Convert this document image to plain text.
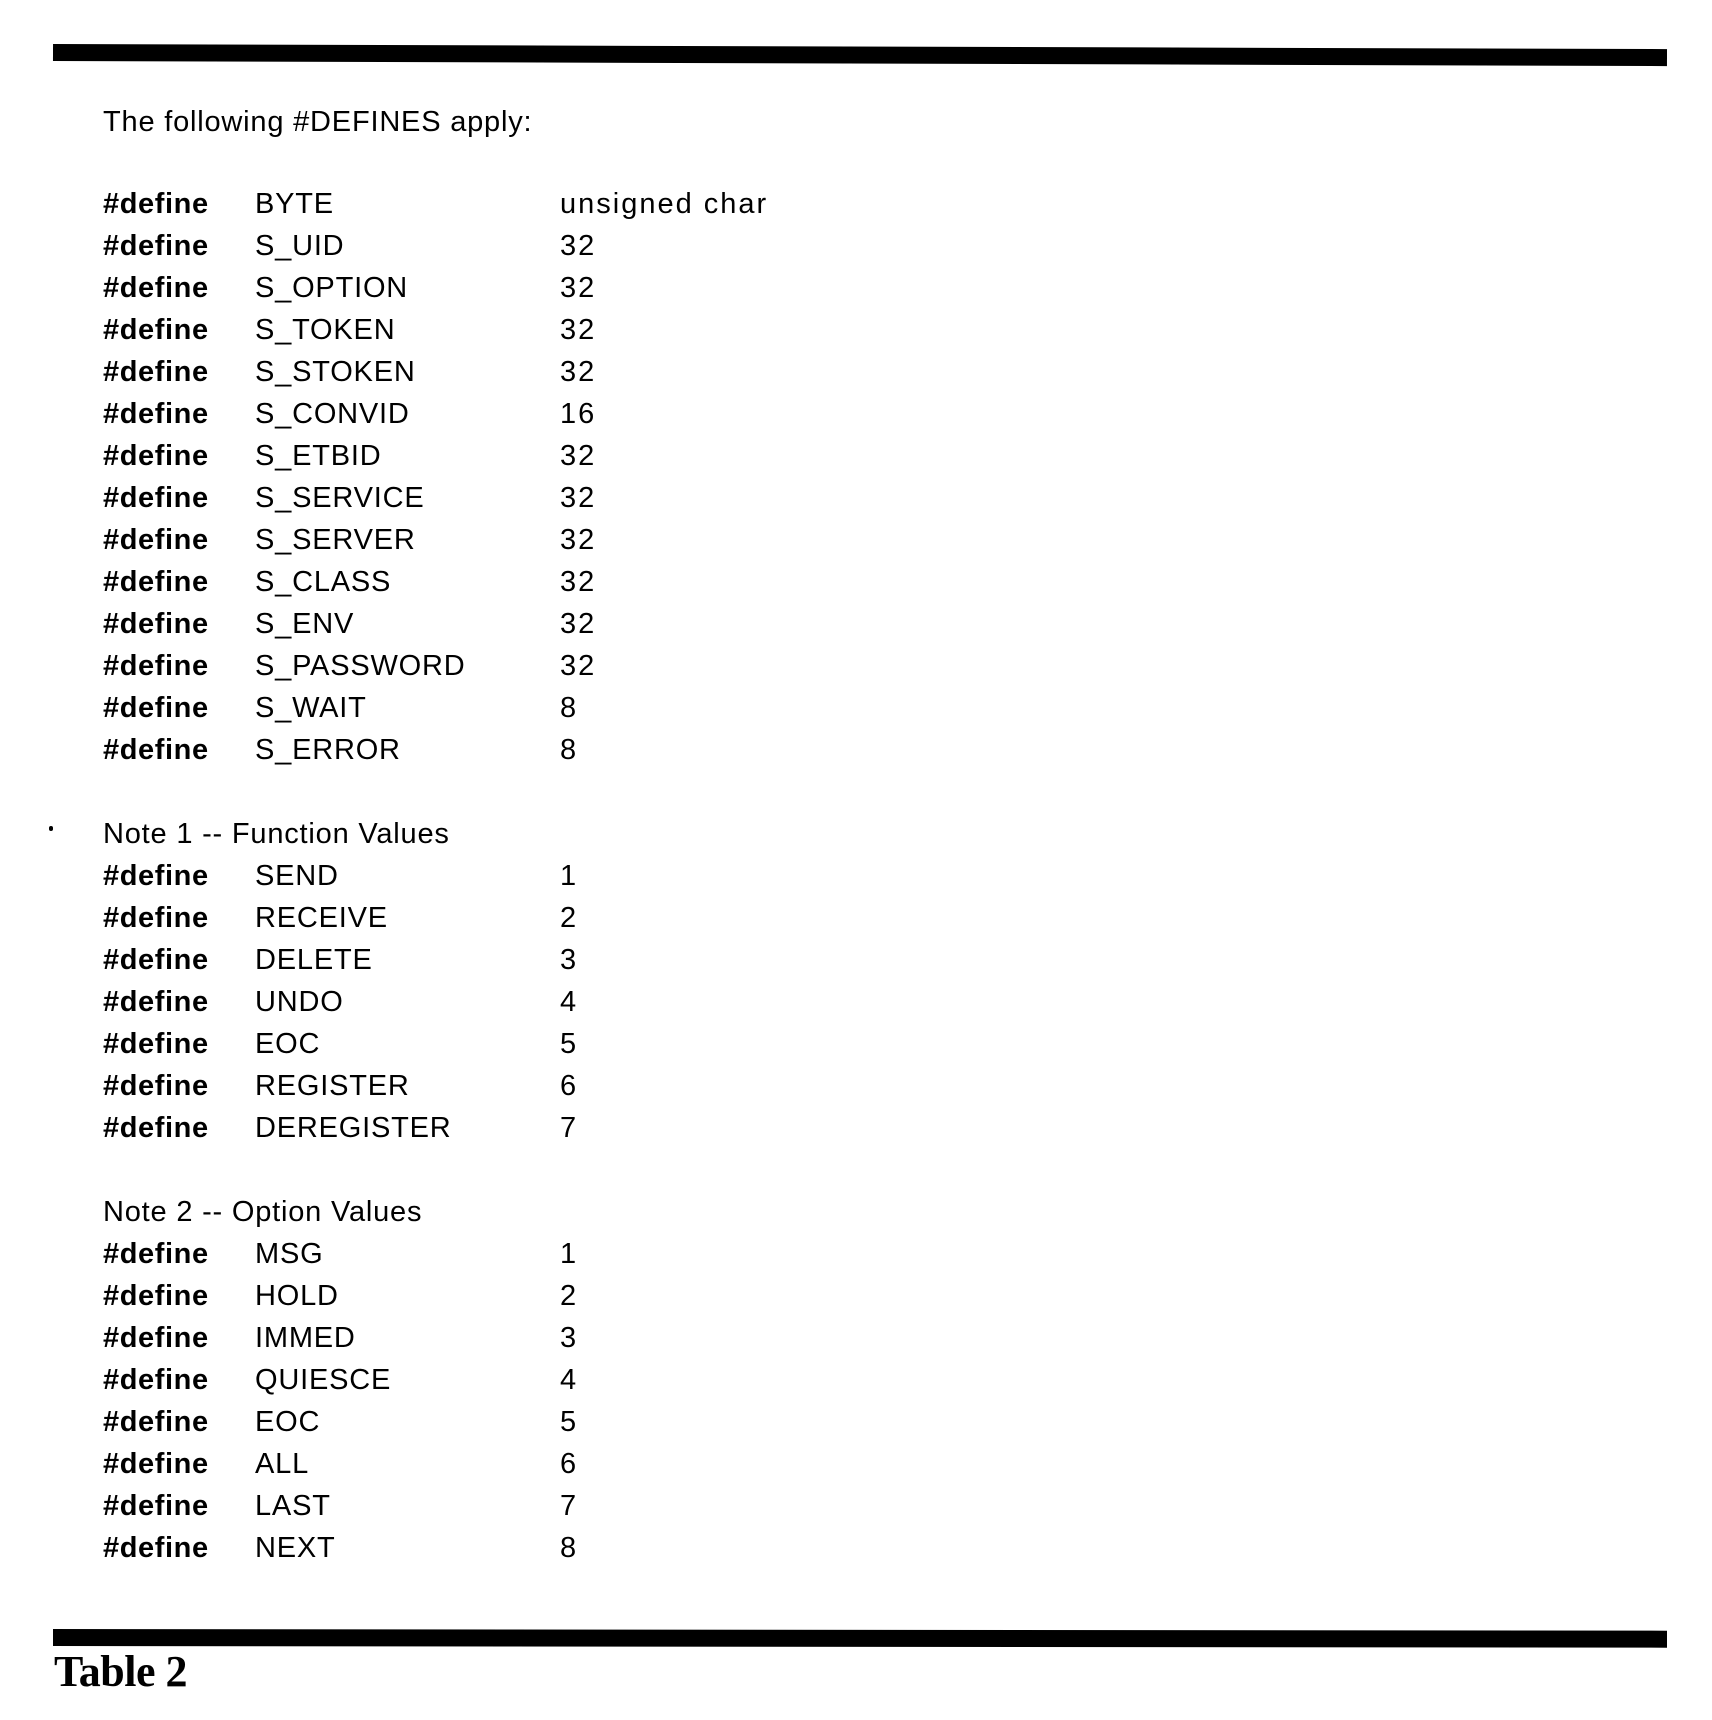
The following #DEFINES apply:
#define BYTE	unsigned char
#define S_UID	32
#define S_OPTION	32
#define S_TOKEN	32
#define S_STOKEN	32
#define S_CONVID	16
#define S_ETBID	32
#define S_SERVICE	32
#define S_SERVER	32
#define S_CLASS	32
#define S_ENV	32
#define S_PASSWORD	32
#define S_WAIT	8
#define S_ERROR	8
Note 1 -- Function Values
#define SEND	1
#define RECEIVE	2
#define DELETE	3
#define UNDO	4
#define EOC	5
#define REGISTER	6
#define DEREGISTER	7
Note 2 -- Option Values
#define MSG	1
#define HOLD	2
#define IMMED	3
#define QUIESCE	4
#define EOC	5
#define ALL	6
#define LAST	7
#define NEXT	8
Table 2
